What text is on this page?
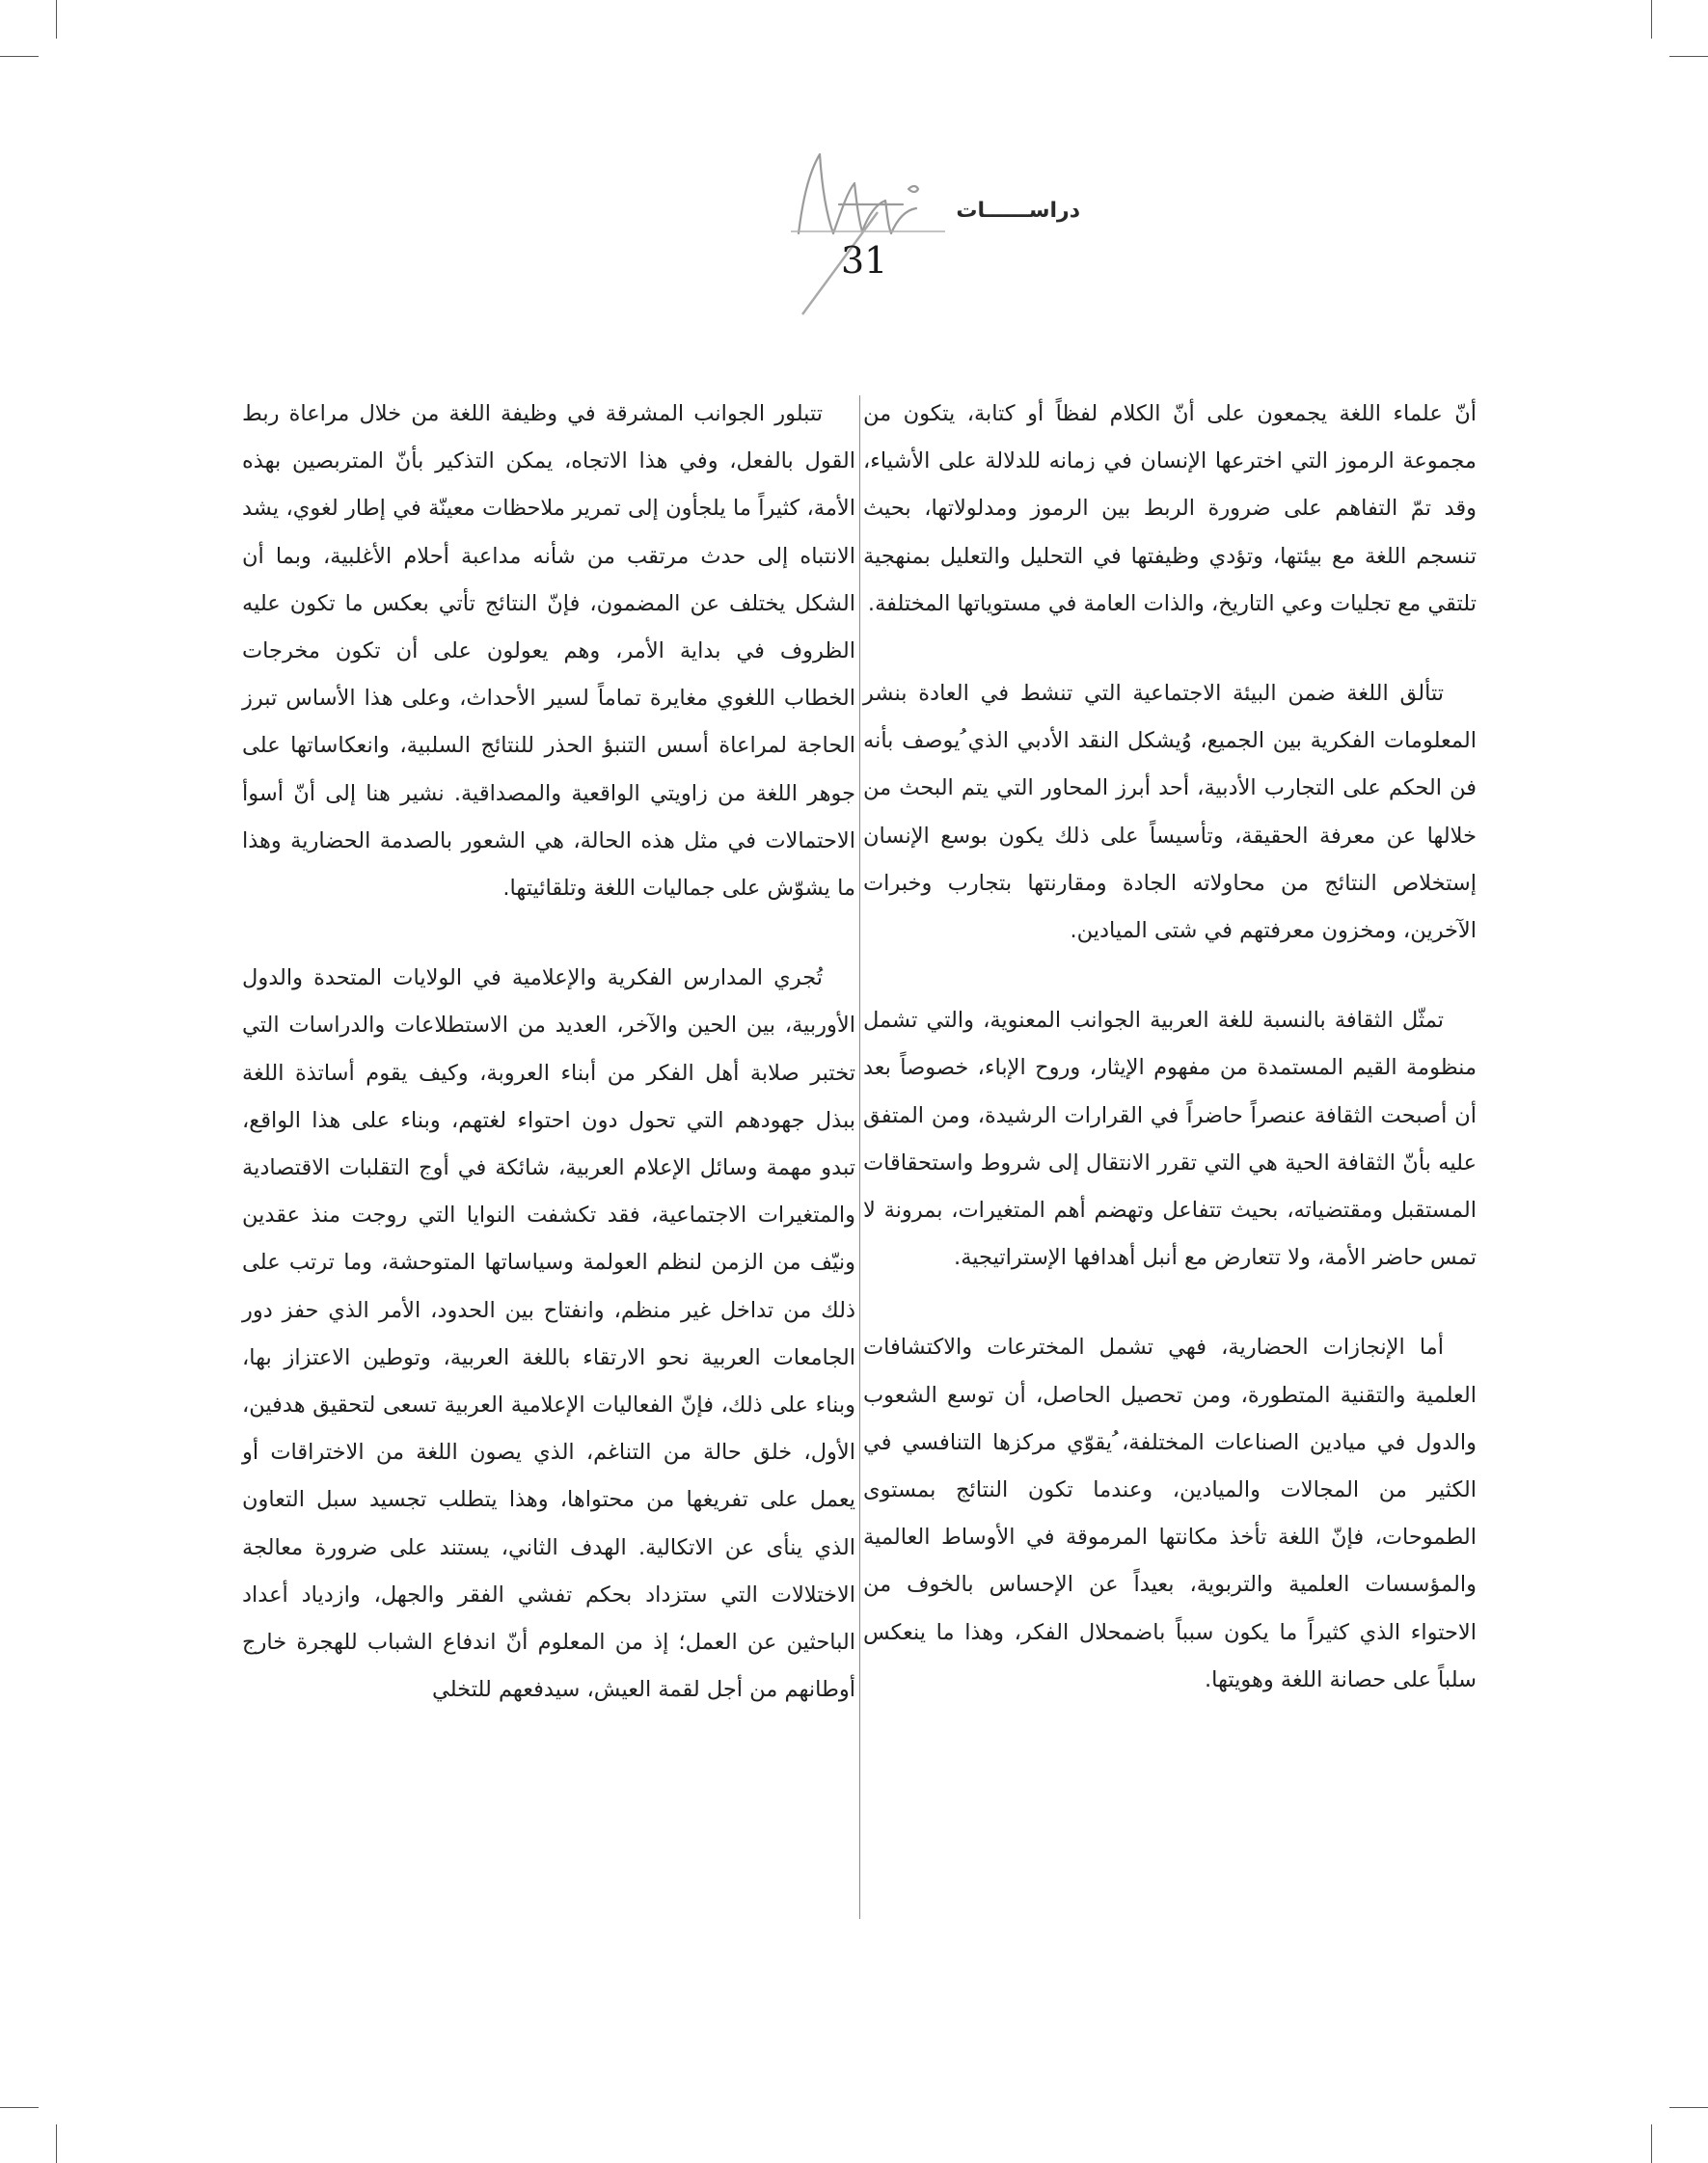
دراســــــات
31

أنّ علماء اللغة يجمعون على أنّ الكلام لفظاً أو كتابة، يتكون من مجموعة الرموز التي اخترعها الإنسان في زمانه للدلالة على الأشياء، وقد تمّ التفاهم على ضرورة الربط بين الرموز ومدلولاتها، بحيث تنسجم اللغة مع بيئتها، وتؤدي وظيفتها في التحليل والتعليل بمنهجية تلتقي مع تجليات وعي التاريخ، والذات العامة في مستوياتها المختلفة.

تتألق اللغة ضمن البيئة الاجتماعية التي تنشط في العادة بنشر المعلومات الفكرية بين الجميع، وُيشكل النقد الأدبي الذي ُيوصف بأنه فن الحكم على التجارب الأدبية، أحد أبرز المحاور التي يتم البحث من خلالها عن معرفة الحقيقة، وتأسيساً على ذلك يكون بوسع الإنسان إستخلاص النتائج من محاولاته الجادة ومقارنتها بتجارب وخبرات الآخرين، ومخزون معرفتهم في شتى الميادين.

تمثّل الثقافة بالنسبة للغة العربية الجوانب المعنوية، والتي تشمل منظومة القيم المستمدة من مفهوم الإيثار، وروح الإباء، خصوصاً بعد أن أصبحت الثقافة عنصراً حاضراً في القرارات الرشيدة، ومن المتفق عليه بأنّ الثقافة الحية هي التي تقرر الانتقال إلى شروط واستحقاقات المستقبل ومقتضياته، بحيث تتفاعل وتهضم أهم المتغيرات، بمرونة لا تمس حاضر الأمة، ولا تتعارض مع أنبل أهدافها الإستراتيجية.

أما الإنجازات الحضارية، فهي تشمل المخترعات والاكتشافات العلمية والتقنية المتطورة، ومن تحصيل الحاصل، أن توسع الشعوب والدول في ميادين الصناعات المختلفة، ُيقوّي مركزها التنافسي في الكثير من المجالات والميادين، وعندما تكون النتائج بمستوى الطموحات، فإنّ اللغة تأخذ مكانتها المرموقة في الأوساط العالمية والمؤسسات العلمية والتربوية، بعيداً عن الإحساس بالخوف من الاحتواء الذي كثيراً ما يكون سبباً باضمحلال الفكر، وهذا ما ينعكس سلباً على حصانة اللغة وهويتها.

تتبلور الجوانب المشرقة في وظيفة اللغة من خلال مراعاة ربط القول بالفعل، وفي هذا الاتجاه، يمكن التذكير بأنّ المتربصين بهذه الأمة، كثيراً ما يلجأون إلى تمرير ملاحظات معينّة في إطار لغوي، يشد الانتباه إلى حدث مرتقب من شأنه مداعبة أحلام الأغلبية، وبما أن الشكل يختلف عن المضمون، فإنّ النتائج تأتي بعكس ما تكون عليه الظروف في بداية الأمر، وهم يعولون على أن تكون مخرجات الخطاب اللغوي مغايرة تماماً لسير الأحداث، وعلى هذا الأساس تبرز الحاجة لمراعاة أسس التنبؤ الحذر للنتائج السلبية، وانعكاساتها على جوهر اللغة من زاويتي الواقعية والمصداقية. نشير هنا إلى أنّ أسوأ الاحتمالات في مثل هذه الحالة، هي الشعور بالصدمة الحضارية وهذا ما يشوّش على جماليات اللغة وتلقائيتها.

تُجري المدارس الفكرية والإعلامية في الولايات المتحدة والدول الأوربية، بين الحين والآخر، العديد من الاستطلاعات والدراسات التي تختبر صلابة أهل الفكر من أبناء العروبة، وكيف يقوم أساتذة اللغة ببذل جهودهم التي تحول دون احتواء لغتهم، وبناء على هذا الواقع، تبدو مهمة وسائل الإعلام العربية، شائكة في أوج التقلبات الاقتصادية والمتغيرات الاجتماعية، فقد تكشفت النوايا التي روجت منذ عقدين ونيّف من الزمن لنظم العولمة وسياساتها المتوحشة، وما ترتب على ذلك من تداخل غير منظم، وانفتاح بين الحدود، الأمر الذي حفز دور الجامعات العربية نحو الارتقاء باللغة العربية، وتوطين الاعتزاز بها، وبناء على ذلك، فإنّ الفعاليات الإعلامية العربية تسعى لتحقيق هدفين، الأول، خلق حالة من التناغم، الذي يصون اللغة من الاختراقات أو يعمل على تفريغها من محتواها، وهذا يتطلب تجسيد سبل التعاون الذي ينأى عن الاتكالية. الهدف الثاني، يستند على ضرورة معالجة الاختلالات التي ستزداد بحكم تفشي الفقر والجهل، وازدياد أعداد الباحثين عن العمل؛ إذ من المعلوم أنّ اندفاع الشباب للهجرة خارج أوطانهم من أجل لقمة العيش، سيدفعهم للتخلي
